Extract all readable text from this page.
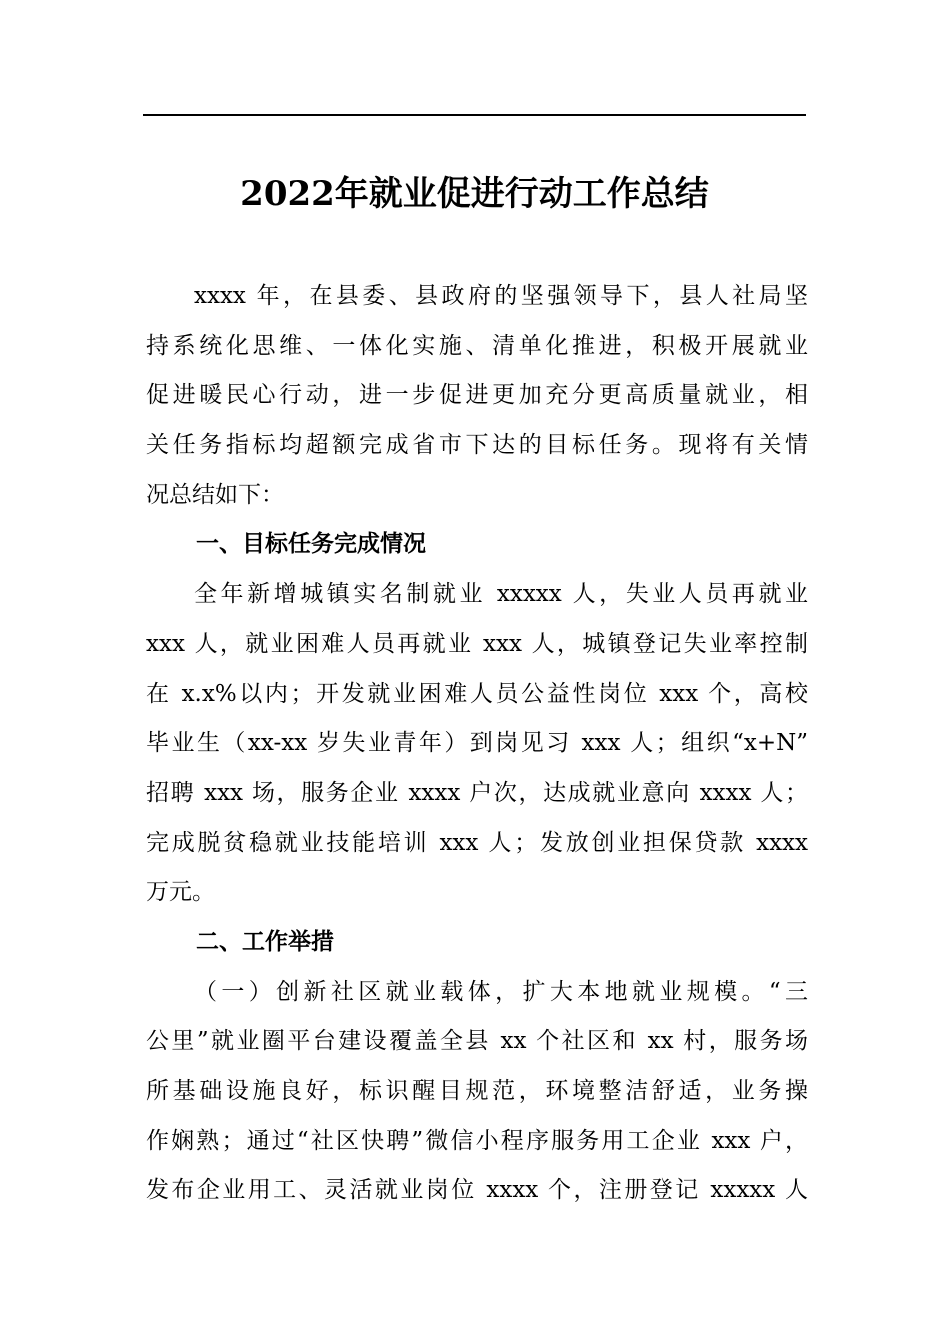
2022年就业促进行动工作总结
xxxx 年，在县委、县政府的坚强领导下，县人社局坚
持系统化思维、一体化实施、清单化推进，积极开展就业
促进暖民心行动，进一步促进更加充分更高质量就业，相
关任务指标均超额完成省市下达的目标任务。现将有关情
况总结如下：
一、目标任务完成情况
全年新增城镇实名制就业 xxxxx 人，失业人员再就业
xxx 人，就业困难人员再就业 xxx 人，城镇登记失业率控制
在 x.x%以内；开发就业困难人员公益性岗位 xxx 个，高校
毕业生（xx-xx 岁失业青年）到岗见习 xxx 人；组织“x+N”
招聘 xxx 场，服务企业 xxxx 户次，达成就业意向 xxxx 人；
完成脱贫稳就业技能培训 xxx 人；发放创业担保贷款 xxxx
万元。
二、工作举措
（一）创新社区就业载体，扩大本地就业规模。“三
公里”就业圈平台建设覆盖全县 xx 个社区和 xx 村，服务场
所基础设施良好，标识醒目规范，环境整洁舒适，业务操
作娴熟；通过“社区快聘”微信小程序服务用工企业 xxx 户，
发布企业用工、灵活就业岗位 xxxx 个，注册登记 xxxxx 人
